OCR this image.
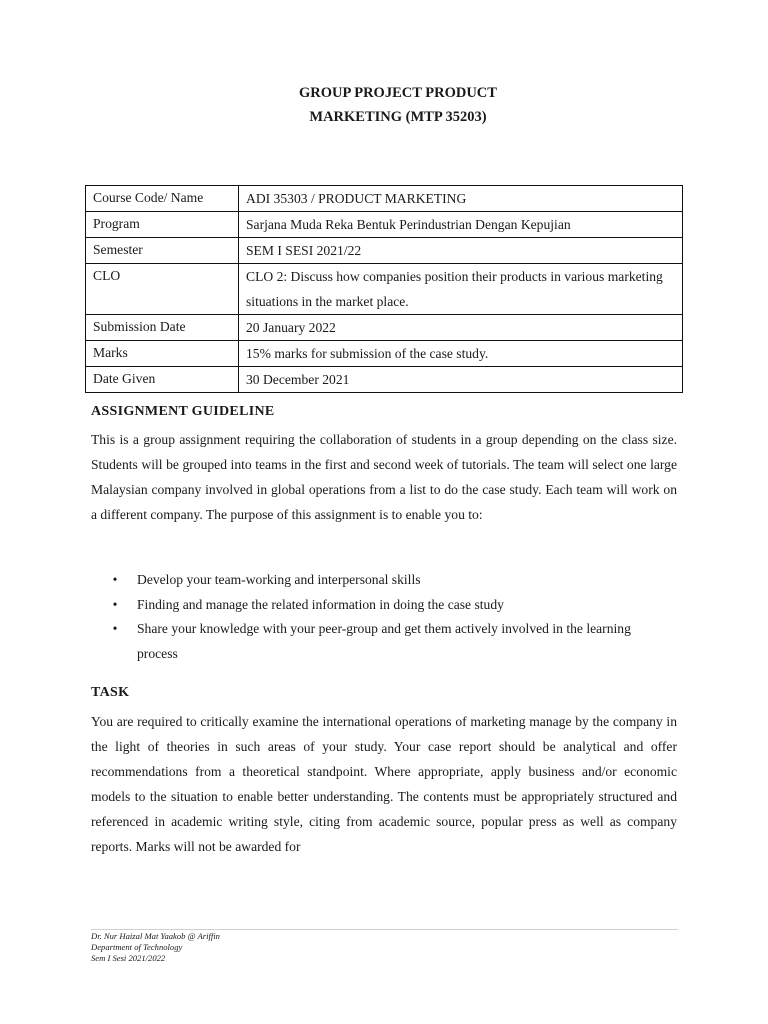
GROUP PROJECT PRODUCT
MARKETING (MTP 35203)
Course Code/ Name	ADI 35303 / PRODUCT MARKETING
Program	Sarjana Muda Reka Bentuk Perindustrian Dengan Kepujian
Semester	SEM I SESI 2021/22
CLO	CLO 2: Discuss how companies position their products in various marketing situations in the market place.
Submission Date	20 January 2022
Marks	15% marks for submission of the case study.
Date Given	30 December 2021
ASSIGNMENT GUIDELINE

This is a group assignment requiring the collaboration of students in a group depending on the class size. Students will be grouped into teams in the first and second week of tutorials. The team will select one large Malaysian company involved in global operations from a list to do the case study. Each team will work on a different company. The purpose of this assignment is to enable you to:

•	Develop your team-working and interpersonal skills
•	Finding and manage the related information in doing the case study
•	Share your knowledge with your peer-group and get them actively involved in the learning process
TASK

You are required to critically examine the international operations of marketing manage by the company in the light of theories in such areas of your study. Your case report should be analytical and offer recommendations from a theoretical standpoint. Where appropriate, apply business and/or economic models to the situation to enable better understanding. The contents must be appropriately structured and referenced in academic writing style, citing from academic source, popular press as well as company reports. Marks will not be awarded for

Dr. Nur Haizal Mat Yaakob @ Ariffin
Department of Technology
Sem I Sesi 2021/2022
